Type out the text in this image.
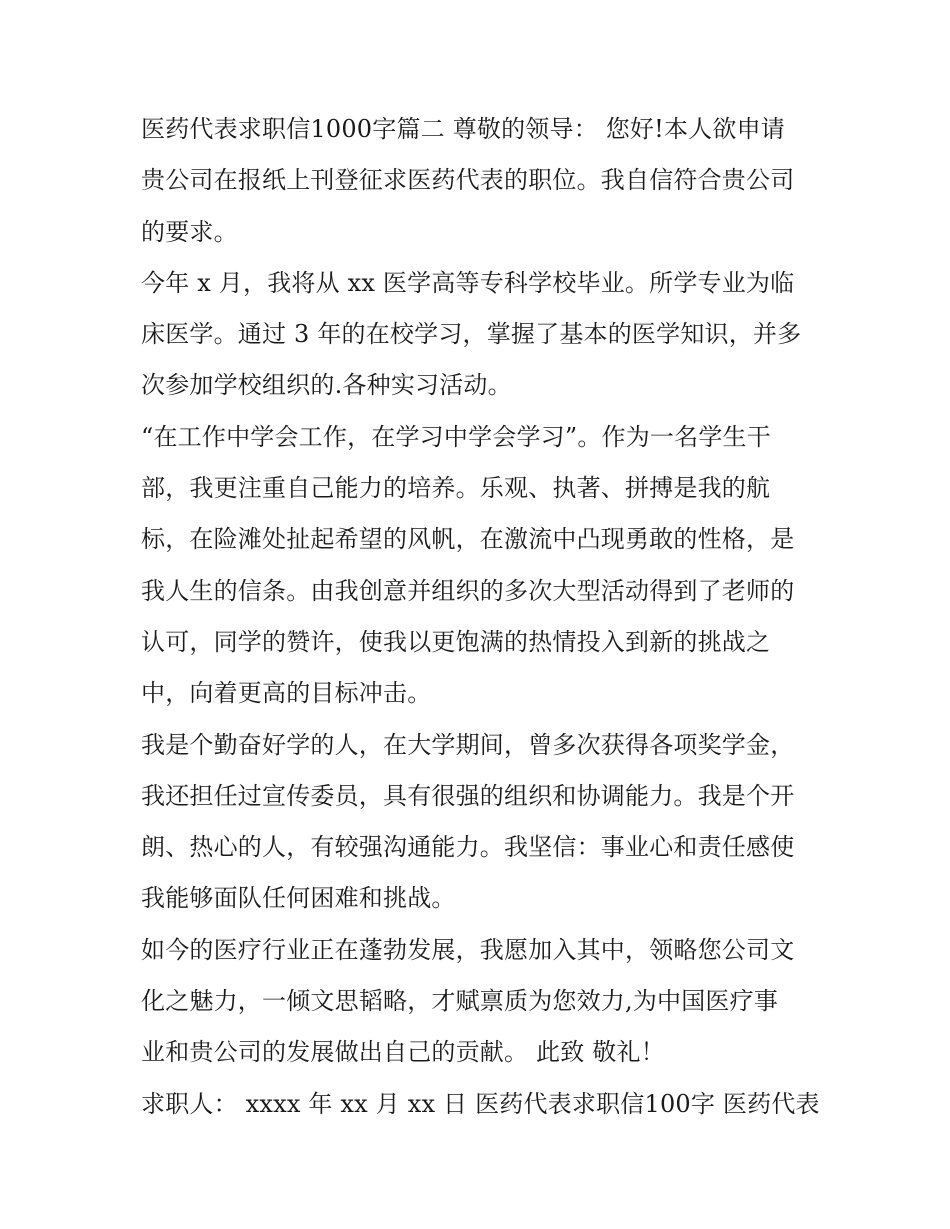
医药代表求职信1000字篇二 尊敬的领导： 您好!本人欲申请
贵公司在报纸上刊登征求医药代表的职位。我自信符合贵公司
的要求。
今年 x 月，我将从 xx 医学高等专科学校毕业。所学专业为临
床医学。通过 3 年的在校学习，掌握了基本的医学知识，并多
次参加学校组织的.各种实习活动。
“在工作中学会工作，在学习中学会学习”。作为一名学生干
部，我更注重自己能力的培养。乐观、执著、拼搏是我的航
标，在险滩处扯起希望的风帆，在激流中凸现勇敢的性格，是
我人生的信条。由我创意并组织的多次大型活动得到了老师的
认可，同学的赞许，使我以更饱满的热情投入到新的挑战之
中，向着更高的目标冲击。
我是个勤奋好学的人，在大学期间，曾多次获得各项奖学金，
我还担任过宣传委员，具有很强的组织和协调能力。我是个开
朗、热心的人，有较强沟通能力。我坚信：事业心和责任感使
我能够面队任何困难和挑战。
如今的医疗行业正在蓬勃发展，我愿加入其中，领略您公司文
化之魅力，一倾文思韬略，才赋禀质为您效力,为中国医疗事
业和贵公司的发展做出自己的贡献。 此致 敬礼！
求职人： xxxx 年 xx 月 xx 日 医药代表求职信100字 医药代表
